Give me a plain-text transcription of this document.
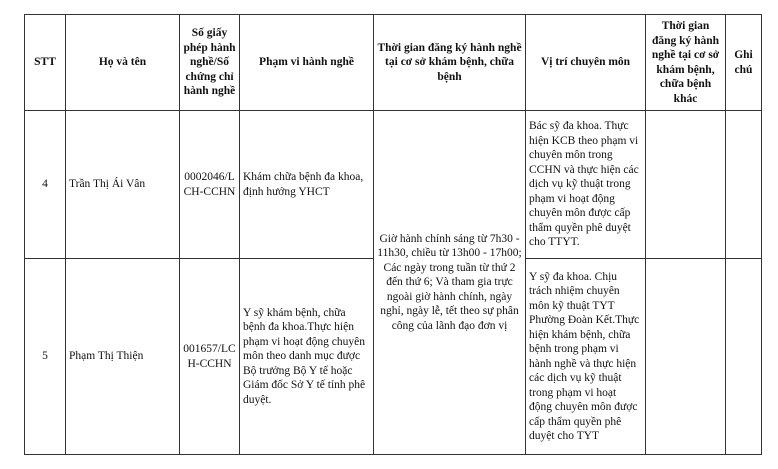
STT	Họ và tên	Số giấy phép hành nghề/Số chứng chỉ hành nghề	Phạm vi hành nghề	Thời gian đăng ký hành nghề tại cơ sở khám bệnh, chữa bệnh	Vị trí chuyên môn	Thời gian đăng ký hành nghề tại cơ sở khám bệnh, chữa bệnh khác	Ghi chú
4	Trần Thị Ái Vân	0002046/LCH-CCHN	Khám chữa bệnh đa khoa, định hướng YHCT	Giờ hành chính sáng từ 7h30 - 11h30, chiều từ 13h00 - 17h00; Các ngày trong tuần từ thứ 2 đến thứ 6; Và tham gia trực ngoài giờ hành chính, ngày nghỉ, ngày lễ, tết theo sự phân công của lãnh đạo đơn vị	Bác sỹ đa khoa. Thực hiện KCB theo phạm vi chuyên môn trong CCHN và thực hiện các dịch vụ kỹ thuật trong phạm vi hoạt động chuyên môn được cấp thẩm quyền phê duyệt cho TTYT.		
5	Phạm Thị Thiện	001657/LCH-CCHN	Y sỹ khám bệnh, chữa bệnh đa khoa.Thực hiện phạm vi hoạt động chuyên môn theo danh mục được Bộ trưởng Bộ Y tế hoặc Giám đốc Sở Y tế tỉnh phê duyệt.		Y sỹ đa khoa. Chịu trách nhiệm chuyên môn kỹ thuật TYT Phường Đoàn Kết.Thực hiện khám bệnh, chữa bệnh trong phạm vi hành nghề và thực hiện các dịch vụ kỹ thuật trong phạm vi hoạt động chuyên môn được cấp thẩm quyền phê duyệt cho TYT		
